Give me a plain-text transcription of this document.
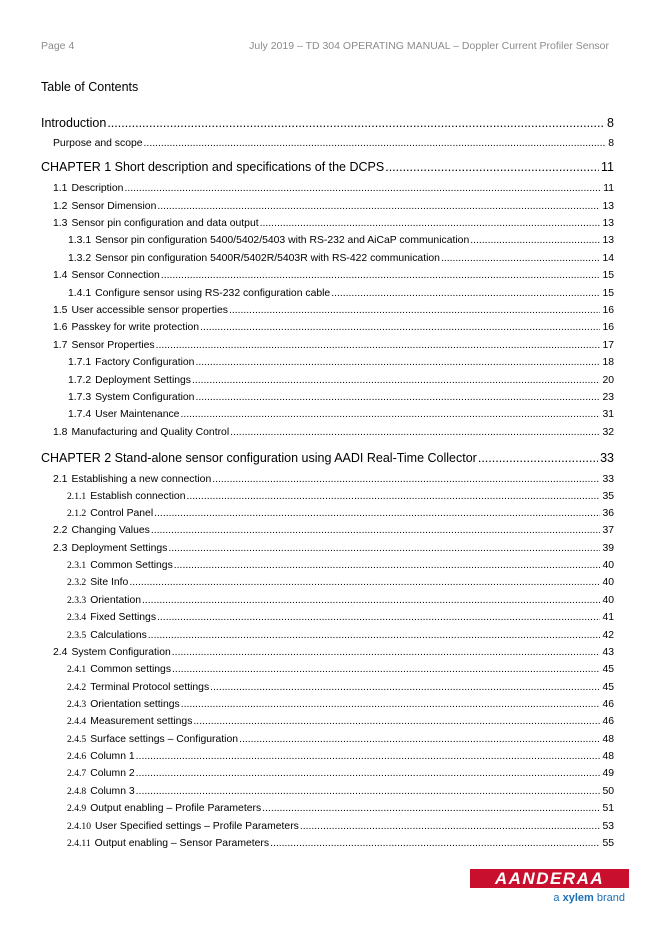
Page 4	July 2019 – TD 304 OPERATING MANUAL – Doppler Current Profiler Sensor
Table of Contents
Introduction .....	8
Purpose and scope .....	8
CHAPTER 1 Short description and specifications of the DCPS .....	11
1.1 Description .....	11
1.2 Sensor Dimension .....	13
1.3 Sensor pin configuration and data output .....	13
1.3.1 Sensor pin configuration 5400/5402/5403 with RS-232 and AiCaP communication .....	13
1.3.2 Sensor pin configuration 5400R/5402R/5403R with RS-422 communication .....	14
1.4 Sensor Connection .....	15
1.4.1 Configure sensor using RS-232 configuration cable .....	15
1.5 User accessible sensor properties .....	16
1.6 Passkey for write protection .....	16
1.7 Sensor Properties .....	17
1.7.1 Factory Configuration .....	18
1.7.2 Deployment Settings .....	20
1.7.3 System Configuration .....	23
1.7.4 User Maintenance .....	31
1.8 Manufacturing and Quality Control .....	32
CHAPTER 2 Stand-alone sensor configuration using AADI Real-Time Collector .....	33
2.1 Establishing a new connection .....	33
2.1.1 Establish connection .....	35
2.1.2 Control Panel .....	36
2.2 Changing Values .....	37
2.3 Deployment Settings .....	39
2.3.1 Common Settings .....	40
2.3.2 Site Info .....	40
2.3.3 Orientation .....	40
2.3.4 Fixed Settings .....	41
2.3.5 Calculations .....	42
2.4 System Configuration .....	43
2.4.1 Common settings .....	45
2.4.2 Terminal Protocol settings .....	45
2.4.3 Orientation settings .....	46
2.4.4 Measurement settings .....	46
2.4.5 Surface settings – Configuration .....	48
2.4.6 Column 1 .....	48
2.4.7 Column 2 .....	49
2.4.8 Column 3 .....	50
2.4.9 Output enabling – Profile Parameters .....	51
2.4.10 User Specified settings – Profile Parameters .....	53
2.4.11 Output enabling – Sensor Parameters .....	55
AANDERAA
a xylem brand
